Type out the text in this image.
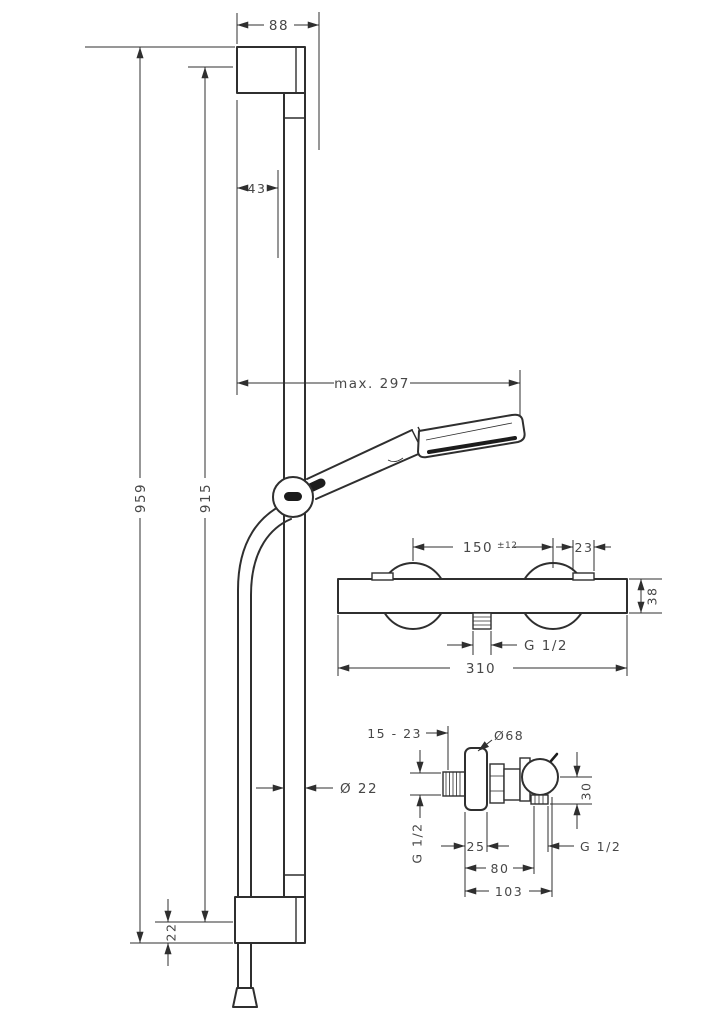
88
959	915
43
max. 297
Ø 22
22
150 ±12	23
38
G 1/2
310
15 - 23	Ø68
30
G 1/2	25	G 1/2
80
103
